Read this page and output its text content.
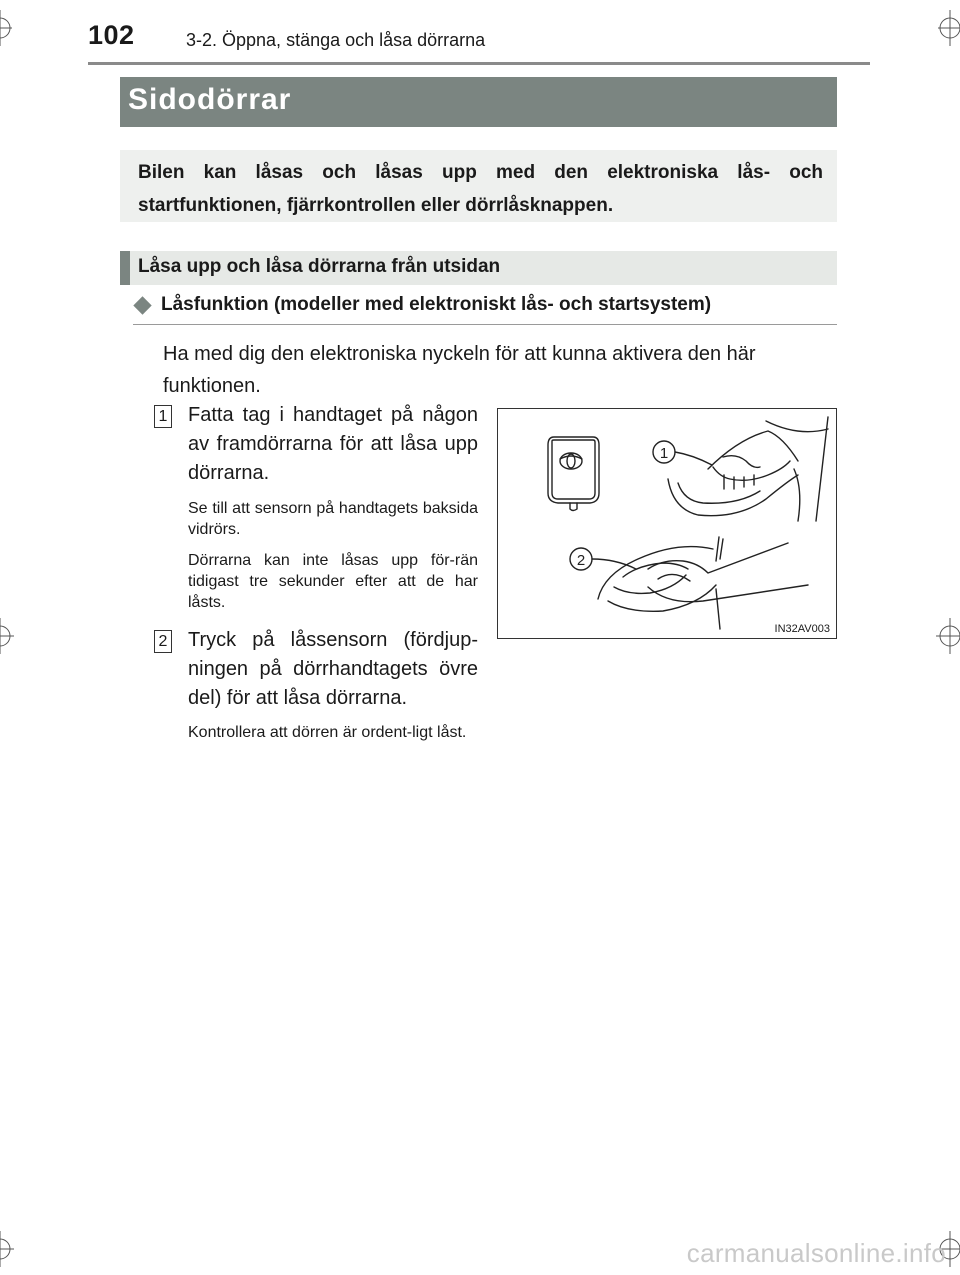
102	3-2. Öppna, stänga och låsa dörrarna
Sidodörrar
Bilen kan låsas och låsas upp med den elektroniska lås- och startfunktionen, fjärrkontrollen eller dörrlåsknappen.
Låsa upp och låsa dörrarna från utsidan
Låsfunktion (modeller med elektroniskt lås- och startsystem)
Ha med dig den elektroniska nyckeln för att kunna aktivera den här funktionen.
1 Fatta tag i handtaget på någon av framdörrarna för att låsa upp dörrarna.
Se till att sensorn på handtagets baksida vidrörs.
Dörrarna kan inte låsas upp för-rän tidigast tre sekunder efter att de har låsts.
2 Tryck på låssensorn (fördjup-ningen på dörrhandtagets övre del) för att låsa dörrarna.
Kontrollera att dörren är ordent-ligt låst.
1
2
IN32AV003
carmanualsonline.info
